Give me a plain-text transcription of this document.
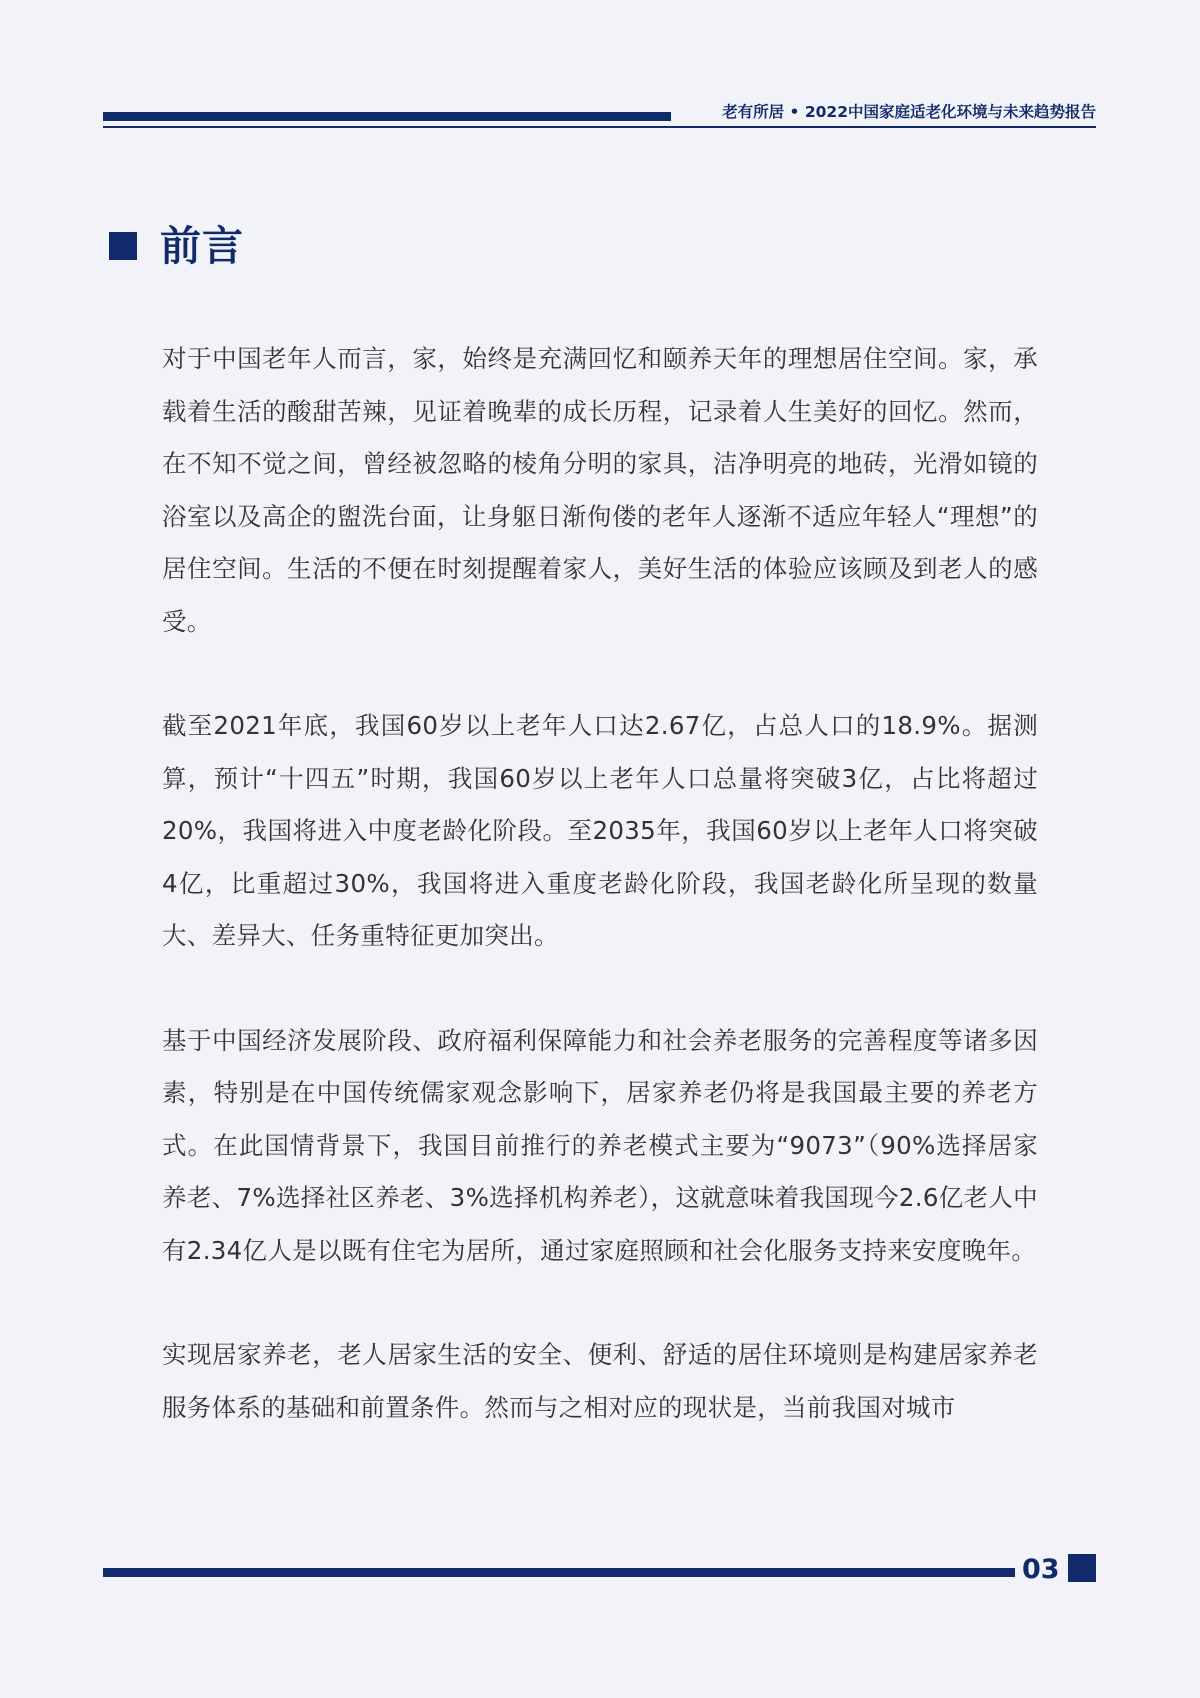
老有所居 • 2022中国家庭适老化环境与未来趋势报告
前言

对于中国老年人而言，家，始终是充满回忆和颐养天年的理想居住空间。家，承载着生活的酸甜苦辣，见证着晚辈的成长历程，记录着人生美好的回忆。然而，在不知不觉之间，曾经被忽略的棱角分明的家具，洁净明亮的地砖，光滑如镜的浴室以及高企的盥洗台面，让身躯日渐佝偻的老年人逐渐不适应年轻人“理想”的居住空间。生活的不便在时刻提醒着家人，美好生活的体验应该顾及到老人的感受。

截至2021年底，我国60岁以上老年人口达2.67亿，占总人口的18.9%。据测算，预计“十四五”时期，我国60岁以上老年人口总量将突破3亿，占比将超过20%，我国将进入中度老龄化阶段。至2035年，我国60岁以上老年人口将突破4亿，比重超过30%，我国将进入重度老龄化阶段，我国老龄化所呈现的数量大、差异大、任务重特征更加突出。

基于中国经济发展阶段、政府福利保障能力和社会养老服务的完善程度等诸多因素，特别是在中国传统儒家观念影响下，居家养老仍将是我国最主要的养老方式。在此国情背景下，我国目前推行的养老模式主要为“9073”（90%选择居家养老、7%选择社区养老、3%选择机构养老），这就意味着我国现今2.6亿老人中有2.34亿人是以既有住宅为居所，通过家庭照顾和社会化服务支持来安度晚年。

实现居家养老，老人居家生活的安全、便利、舒适的居住环境则是构建居家养老服务体系的基础和前置条件。然而与之相对应的现状是，当前我国对城市

03
